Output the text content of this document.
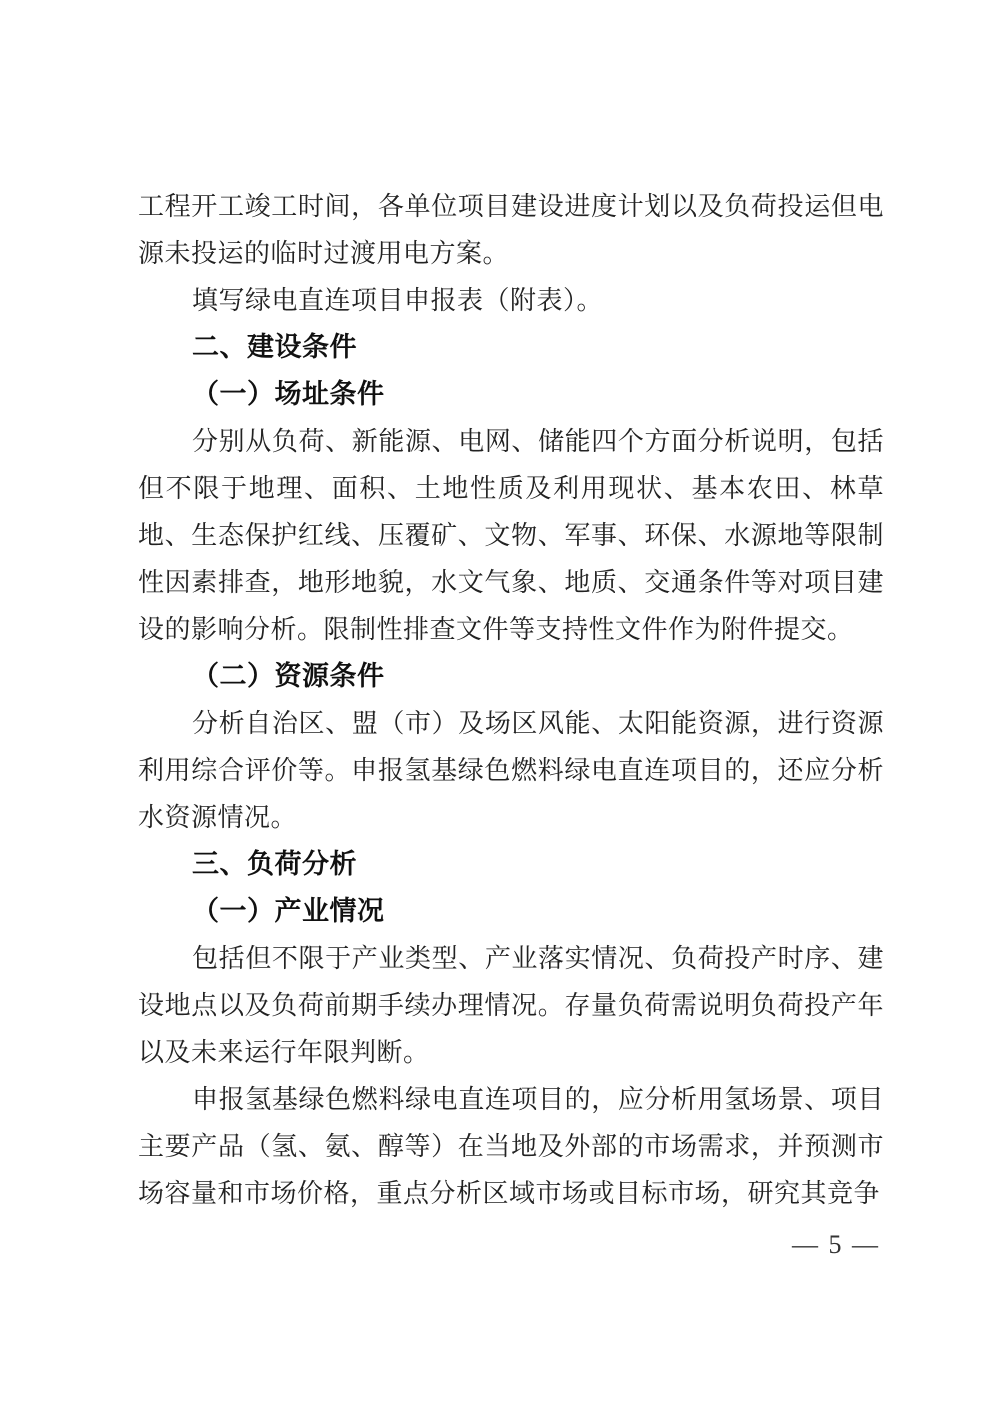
工程开工竣工时间，各单位项目建设进度计划以及负荷投运但电源未投运的临时过渡用电方案。

填写绿电直连项目申报表（附表）。

二、建设条件

（一）场址条件

分别从负荷、新能源、电网、储能四个方面分析说明，包括但不限于地理、面积、土地性质及利用现状、基本农田、林草地、生态保护红线、压覆矿、文物、军事、环保、水源地等限制性因素排查，地形地貌，水文气象、地质、交通条件等对项目建设的影响分析。限制性排查文件等支持性文件作为附件提交。

（二）资源条件

分析自治区、盟（市）及场区风能、太阳能资源，进行资源利用综合评价等。申报氢基绿色燃料绿电直连项目的，还应分析水资源情况。

三、负荷分析

（一）产业情况

包括但不限于产业类型、产业落实情况、负荷投产时序、建设地点以及负荷前期手续办理情况。存量负荷需说明负荷投产年以及未来运行年限判断。

申报氢基绿色燃料绿电直连项目的，应分析用氢场景、项目主要产品（氢、氨、醇等）在当地及外部的市场需求，并预测市场容量和市场价格，重点分析区域市场或目标市场，研究其竞争

— 5 —
